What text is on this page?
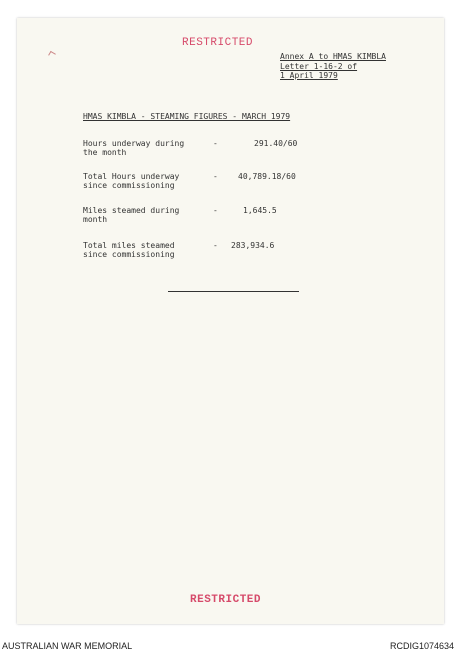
RESTRICTED
Annex A to HMAS KIMBLA
Letter 1-16-2 of
1 April 1979
HMAS KIMBLA - STEAMING FIGURES - MARCH 1979
Hours underway during
the month
-	291.40/60
Total Hours underway
since commissioning
-	40,789.18/60
Miles steamed during
month
-	1,645.5
Total miles steamed
since commissioning
- 283,934.6
RESTRICTED
AUSTRALIAN WAR MEMORIAL	RCDIG1074634
